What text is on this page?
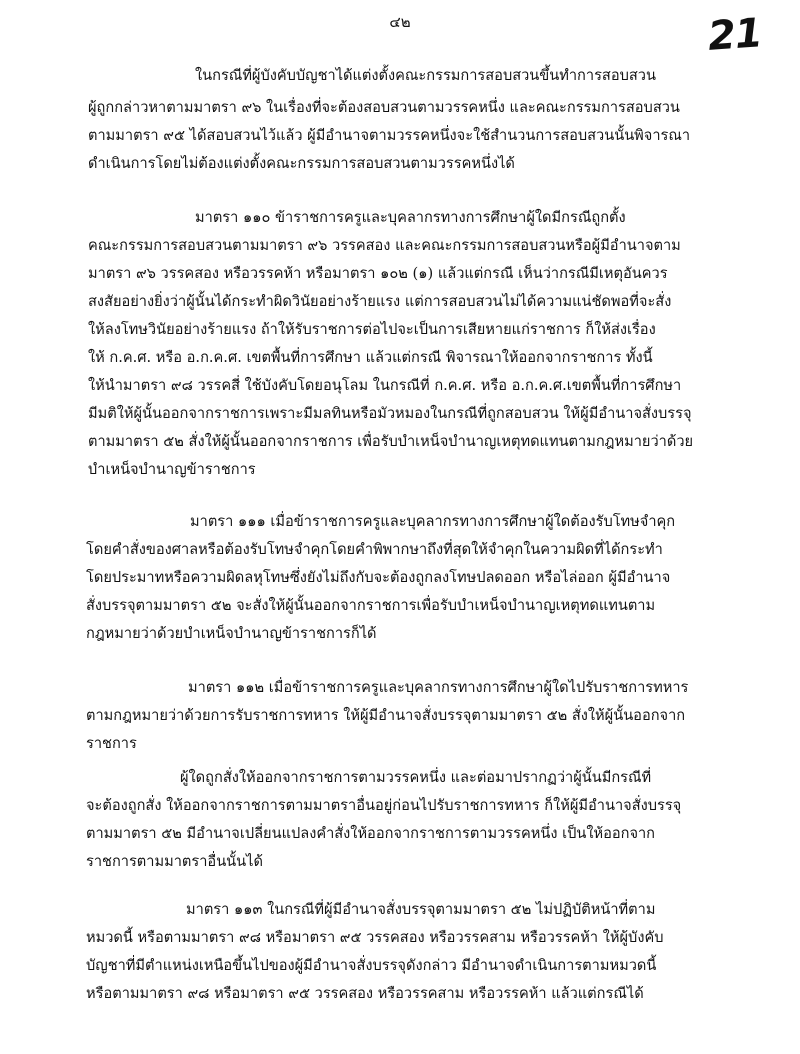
๔๒	21
ในกรณีที่ผู้บังคับบัญชาได้แต่งตั้งคณะกรรมการสอบสวนขึ้นทำการสอบสวน
ผู้ถูกกล่าวหาตามมาตรา ๙๖ ในเรื่องที่จะต้องสอบสวนตามวรรคหนึ่ง และคณะกรรมการสอบสวน
ตามมาตรา ๙๕ ได้สอบสวนไว้แล้ว ผู้มีอำนาจตามวรรคหนึ่งจะใช้สำนวนการสอบสวนนั้นพิจารณา
ดำเนินการโดยไม่ต้องแต่งตั้งคณะกรรมการสอบสวนตามวรรคหนึ่งได้
มาตรา ๑๑๐ ข้าราชการครูและบุคลากรทางการศึกษาผู้ใดมีกรณีถูกตั้ง
คณะกรรมการสอบสวนตามมาตรา ๙๖ วรรคสอง และคณะกรรมการสอบสวนหรือผู้มีอำนาจตาม
มาตรา ๙๖ วรรคสอง หรือวรรคห้า หรือมาตรา ๑๐๒ (๑) แล้วแต่กรณี เห็นว่ากรณีมีเหตุอันควร
สงสัยอย่างยิ่งว่าผู้นั้นได้กระทำผิดวินัยอย่างร้ายแรง แต่การสอบสวนไม่ได้ความแน่ชัดพอที่จะสั่ง
ให้ลงโทษวินัยอย่างร้ายแรง ถ้าให้รับราชการต่อไปจะเป็นการเสียหายแก่ราชการ ก็ให้ส่งเรื่อง
ให้ ก.ค.ศ. หรือ อ.ก.ค.ศ. เขตพื้นที่การศึกษา แล้วแต่กรณี พิจารณาให้ออกจากราชการ ทั้งนี้
ให้นำมาตรา ๙๘ วรรคสี่ ใช้บังคับโดยอนุโลม ในกรณีที่ ก.ค.ศ. หรือ อ.ก.ค.ศ.เขตพื้นที่การศึกษา
มีมติให้ผู้นั้นออกจากราชการเพราะมีมลทินหรือมัวหมองในกรณีที่ถูกสอบสวน ให้ผู้มีอำนาจสั่งบรรจุ
ตามมาตรา ๕๒ สั่งให้ผู้นั้นออกจากราชการ เพื่อรับบำเหน็จบำนาญเหตุทดแทนตามกฎหมายว่าด้วย
บำเหน็จบำนาญข้าราชการ
มาตรา ๑๑๑ เมื่อข้าราชการครูและบุคลากรทางการศึกษาผู้ใดต้องรับโทษจำคุก
โดยคำสั่งของศาลหรือต้องรับโทษจำคุกโดยคำพิพากษาถึงที่สุดให้จำคุกในความผิดที่ได้กระทำ
โดยประมาทหรือความผิดลหุโทษซึ่งยังไม่ถึงกับจะต้องถูกลงโทษปลดออก หรือไล่ออก ผู้มีอำนาจ
สั่งบรรจุตามมาตรา ๕๒ จะสั่งให้ผู้นั้นออกจากราชการเพื่อรับบำเหน็จบำนาญเหตุทดแทนตาม
กฎหมายว่าด้วยบำเหน็จบำนาญข้าราชการก็ได้
มาตรา ๑๑๒ เมื่อข้าราชการครูและบุคลากรทางการศึกษาผู้ใดไปรับราชการทหาร
ตามกฎหมายว่าด้วยการรับราชการทหาร ให้ผู้มีอำนาจสั่งบรรจุตามมาตรา ๕๒ สั่งให้ผู้นั้นออกจาก
ราชการ
ผู้ใดถูกสั่งให้ออกจากราชการตามวรรคหนึ่ง และต่อมาปรากฏว่าผู้นั้นมีกรณีที่
จะต้องถูกสั่ง ให้ออกจากราชการตามมาตราอื่นอยู่ก่อนไปรับราชการทหาร ก็ให้ผู้มีอำนาจสั่งบรรจุ
ตามมาตรา ๕๒ มีอำนาจเปลี่ยนแปลงคำสั่งให้ออกจากราชการตามวรรคหนึ่ง เป็นให้ออกจาก
ราชการตามมาตราอื่นนั้นได้
มาตรา ๑๑๓ ในกรณีที่ผู้มีอำนาจสั่งบรรจุตามมาตรา ๕๒ ไม่ปฏิบัติหน้าที่ตาม
หมวดนี้ หรือตามมาตรา ๙๘ หรือมาตรา ๙๕ วรรคสอง หรือวรรคสาม หรือวรรคห้า ให้ผู้บังคับ
บัญชาที่มีตำแหน่งเหนือขึ้นไปของผู้มีอำนาจสั่งบรรจุดังกล่าว มีอำนาจดำเนินการตามหมวดนี้
หรือตามมาตรา ๙๘ หรือมาตรา ๙๕ วรรคสอง หรือวรรคสาม หรือวรรคห้า แล้วแต่กรณีได้
